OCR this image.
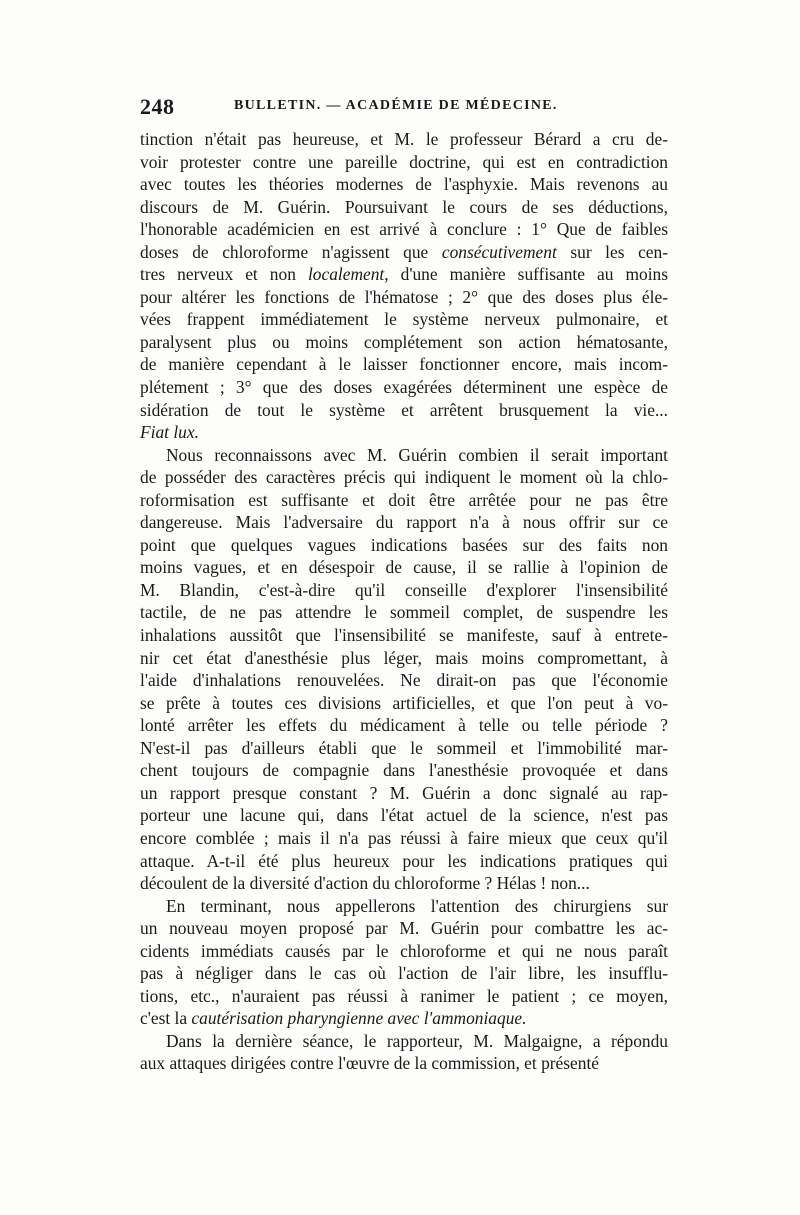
248	BULLETIN. — ACADÉMIE DE MÉDECINE.
tinction n'était pas heureuse, et M. le professeur Bérard a cru de-
voir protester contre une pareille doctrine, qui est en contradiction
avec toutes les théories modernes de l'asphyxie. Mais revenons au
discours de M. Guérin. Poursuivant le cours de ses déductions,
l'honorable académicien en est arrivé à conclure : 1° Que de faibles
doses de chloroforme n'agissent que consécutivement sur les cen-
tres nerveux et non localement, d'une manière suffisante au moins
pour altérer les fonctions de l'hématose ; 2° que des doses plus éle-
vées frappent immédiatement le système nerveux pulmonaire, et
paralysent plus ou moins complétement son action hématosante,
de manière cependant à le laisser fonctionner encore, mais incom-
plétement ; 3° que des doses exagérées déterminent une espèce de
sidération de tout le système et arrêtent brusquement la vie...
Fiat lux.
Nous reconnaissons avec M. Guérin combien il serait important
de posséder des caractères précis qui indiquent le moment où la chlo-
roformisation est suffisante et doit être arrêtée pour ne pas être
dangereuse. Mais l'adversaire du rapport n'a à nous offrir sur ce
point que quelques vagues indications basées sur des faits non
moins vagues, et en désespoir de cause, il se rallie à l'opinion de
M. Blandin, c'est-à-dire qu'il conseille d'explorer l'insensibilité
tactile, de ne pas attendre le sommeil complet, de suspendre les
inhalations aussitôt que l'insensibilité se manifeste, sauf à entrete-
nir cet état d'anesthésie plus léger, mais moins compromettant, à
l'aide d'inhalations renouvelées. Ne dirait-on pas que l'économie
se prête à toutes ces divisions artificielles, et que l'on peut à vo-
lonté arrêter les effets du médicament à telle ou telle période ?
N'est-il pas d'ailleurs établi que le sommeil et l'immobilité mar-
chent toujours de compagnie dans l'anesthésie provoquée et dans
un rapport presque constant ? M. Guérin a donc signalé au rap-
porteur une lacune qui, dans l'état actuel de la science, n'est pas
encore comblée ; mais il n'a pas réussi à faire mieux que ceux qu'il
attaque. A-t-il été plus heureux pour les indications pratiques qui
découlent de la diversité d'action du chloroforme ? Hélas ! non...
En terminant, nous appellerons l'attention des chirurgiens sur
un nouveau moyen proposé par M. Guérin pour combattre les ac-
cidents immédiats causés par le chloroforme et qui ne nous paraît
pas à négliger dans le cas où l'action de l'air libre, les insufflu-
tions, etc., n'auraient pas réussi à ranimer le patient ; ce moyen,
c'est la cautérisation pharyngienne avec l'ammoniaque.
Dans la dernière séance, le rapporteur, M. Malgaigne, a répondu
aux attaques dirigées contre l'œuvre de la commission, et présenté
